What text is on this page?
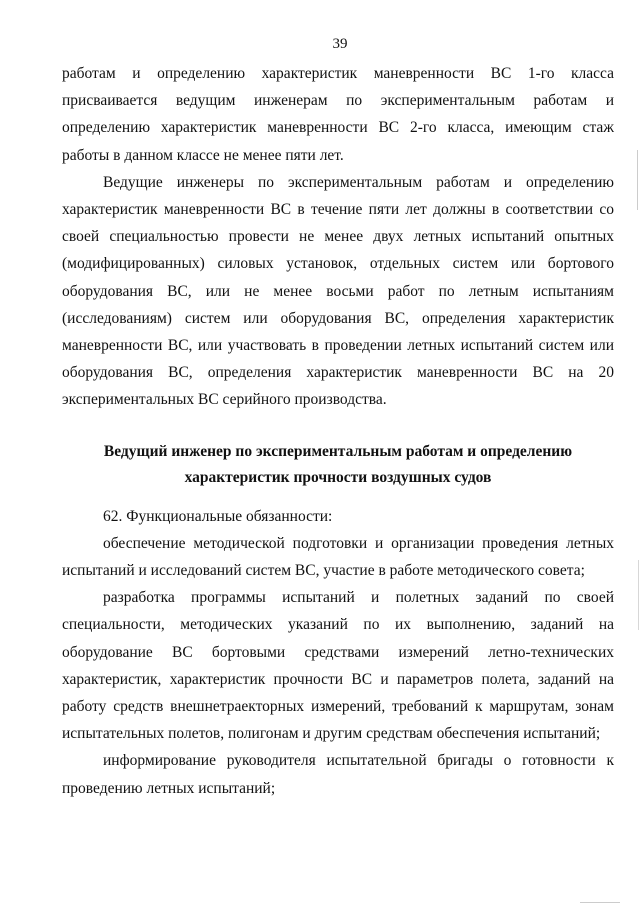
39

работам и определению характеристик маневренности ВС 1-го класса присваивается ведущим инженерам по экспериментальным работам и определению характеристик маневренности ВС 2-го класса, имеющим стаж работы в данном классе не менее пяти лет.

Ведущие инженеры по экспериментальным работам и определению характеристик маневренности ВС в течение пяти лет должны в соответствии со своей специальностью провести не менее двух летных испытаний опытных (модифицированных) силовых установок, отдельных систем или бортового оборудования ВС, или не менее восьми работ по летным испытаниям (исследованиям) систем или оборудования ВС, определения характеристик маневренности ВС, или участвовать в проведении летных испытаний систем или оборудования ВС, определения характеристик маневренности ВС на 20 экспериментальных ВС серийного производства.

Ведущий инженер по экспериментальным работам и определению
характеристик прочности воздушных судов

62. Функциональные обязанности:

обеспечение методической подготовки и организации проведения летных испытаний и исследований систем ВС, участие в работе методического совета;

разработка программы испытаний и полетных заданий по своей специальности, методических указаний по их выполнению, заданий на оборудование ВС бортовыми средствами измерений летно-технических характеристик, характеристик прочности ВС и параметров полета, заданий на работу средств внешнетраекторных измерений, требований к маршрутам, зонам испытательных полетов, полигонам и другим средствам обеспечения испытаний;

информирование руководителя испытательной бригады о готовности к проведению летных испытаний;
